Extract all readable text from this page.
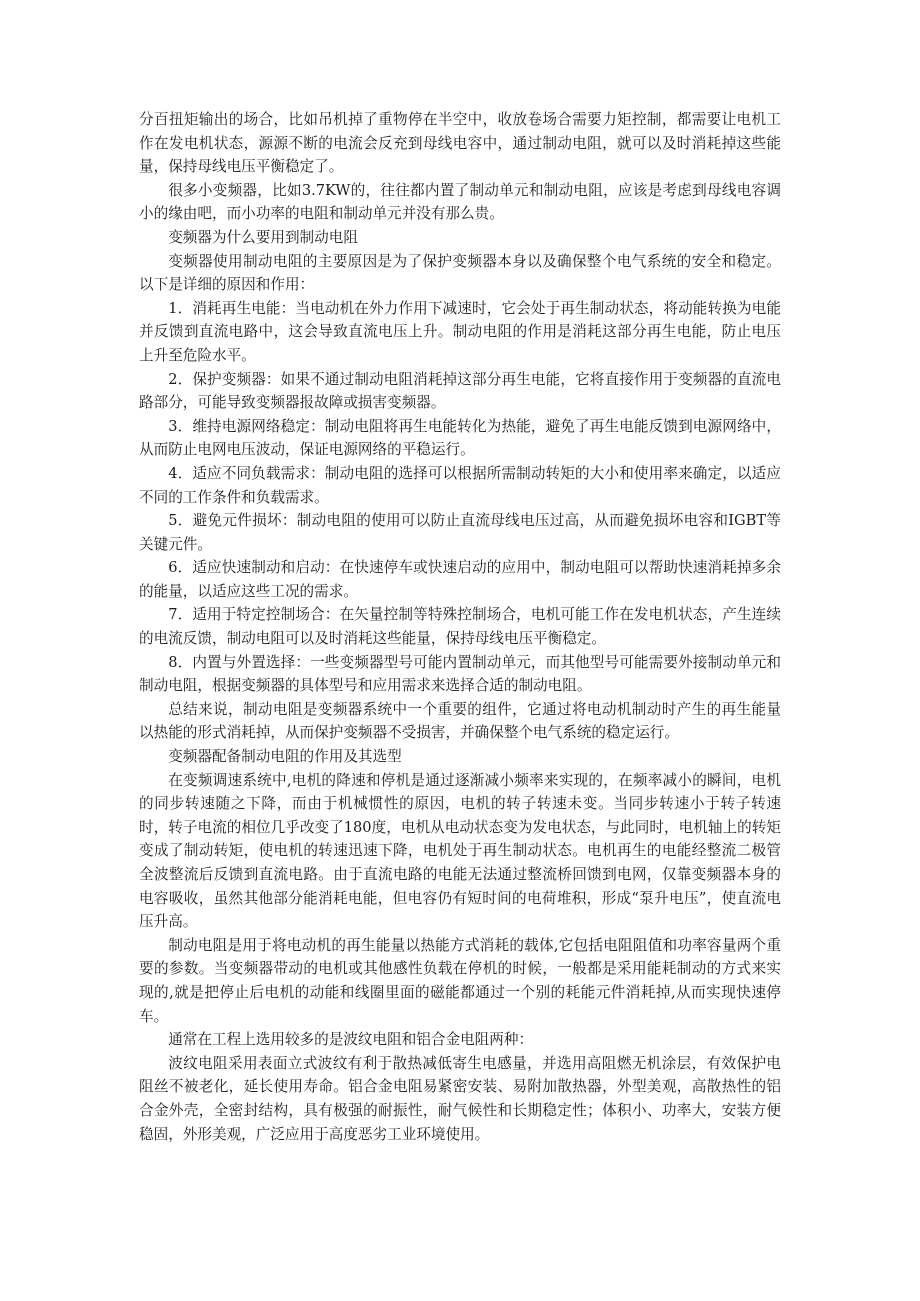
分百扭矩输出的场合，比如吊机掉了重物停在半空中，收放卷场合需要力矩控制，都需要让电机工作在发电机状态，源源不断的电流会反充到母线电容中，通过制动电阻，就可以及时消耗掉这些能量，保持母线电压平衡稳定了。

很多小变频器，比如3.7KW的，往往都内置了制动单元和制动电阻，应该是考虑到母线电容调小的缘由吧，而小功率的电阻和制动单元并没有那么贵。

变频器为什么要用到制动电阻

变频器使用制动电阻的主要原因是为了保护变频器本身以及确保整个电气系统的安全和稳定。以下是详细的原因和作用：

1．消耗再生电能：当电动机在外力作用下减速时，它会处于再生制动状态，将动能转换为电能并反馈到直流电路中，这会导致直流电压上升。制动电阻的作用是消耗这部分再生电能，防止电压上升至危险水平。

2．保护变频器：如果不通过制动电阻消耗掉这部分再生电能，它将直接作用于变频器的直流电路部分，可能导致变频器报故障或损害变频器。

3．维持电源网络稳定：制动电阻将再生电能转化为热能，避免了再生电能反馈到电源网络中，从而防止电网电压波动，保证电源网络的平稳运行。

4．适应不同负载需求：制动电阻的选择可以根据所需制动转矩的大小和使用率来确定，以适应不同的工作条件和负载需求。

5．避免元件损坏：制动电阻的使用可以防止直流母线电压过高，从而避免损坏电容和IGBT等关键元件。

6．适应快速制动和启动：在快速停车或快速启动的应用中，制动电阻可以帮助快速消耗掉多余的能量，以适应这些工况的需求。

7．适用于特定控制场合：在矢量控制等特殊控制场合，电机可能工作在发电机状态，产生连续的电流反馈，制动电阻可以及时消耗这些能量，保持母线电压平衡稳定。

8．内置与外置选择：一些变频器型号可能内置制动单元，而其他型号可能需要外接制动单元和制动电阻，根据变频器的具体型号和应用需求来选择合适的制动电阻。

总结来说，制动电阻是变频器系统中一个重要的组件，它通过将电动机制动时产生的再生能量以热能的形式消耗掉，从而保护变频器不受损害，并确保整个电气系统的稳定运行。

变频器配备制动电阻的作用及其选型

在变频调速系统中,电机的降速和停机是通过逐渐减小频率来实现的，在频率减小的瞬间，电机的同步转速随之下降，而由于机械惯性的原因，电机的转子转速未变。当同步转速小于转子转速时，转子电流的相位几乎改变了180度，电机从电动状态变为发电状态，与此同时，电机轴上的转矩变成了制动转矩，使电机的转速迅速下降，电机处于再生制动状态。电机再生的电能经整流二极管全波整流后反馈到直流电路。由于直流电路的电能无法通过整流桥回馈到电网，仅靠变频器本身的电容吸收，虽然其他部分能消耗电能，但电容仍有短时间的电荷堆积，形成“泵升电压”，使直流电压升高。

制动电阻是用于将电动机的再生能量以热能方式消耗的载体,它包括电阻阻值和功率容量两个重要的参数。当变频器带动的电机或其他感性负载在停机的时候，一般都是采用能耗制动的方式来实现的,就是把停止后电机的动能和线圈里面的磁能都通过一个别的耗能元件消耗掉,从而实现快速停车。

通常在工程上选用较多的是波纹电阻和铝合金电阻两种：

波纹电阻采用表面立式波纹有利于散热减低寄生电感量，并选用高阻燃无机涂层，有效保护电阻丝不被老化，延长使用寿命。铝合金电阻易紧密安装、易附加散热器，外型美观，高散热性的铝合金外壳，全密封结构，具有极强的耐振性，耐气候性和长期稳定性；体积小、功率大，安装方便稳固，外形美观，广泛应用于高度恶劣工业环境使用。
